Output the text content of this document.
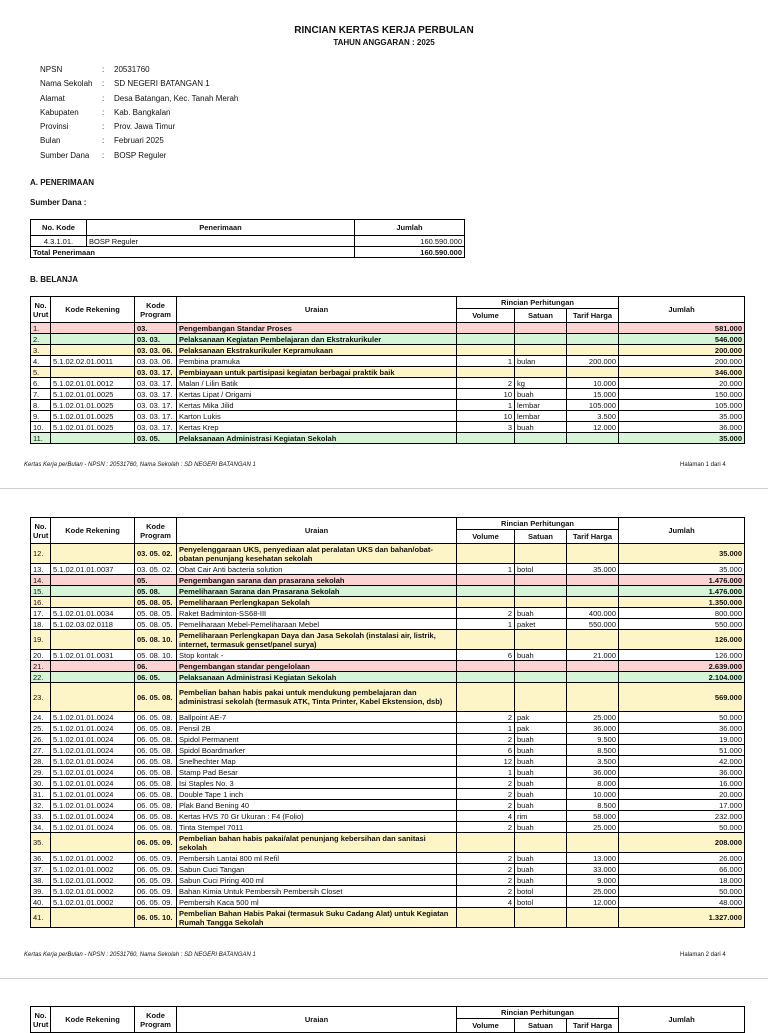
RINCIAN KERTAS KERJA PERBULAN
TAHUN ANGGARAN : 2025
NPSN	:	20531760
Nama Sekolah	:	SD NEGERI BATANGAN 1
Alamat	:	Desa Batangan, Kec. Tanah Merah
Kabupaten	:	Kab. Bangkalan
Provinsi	:	Prov. Jawa Timur
Bulan	:	Februari 2025
Sumber Dana	:	BOSP Reguler
A. PENERIMAAN
Sumber Dana :
No. Kode	Penerimaan	Jumlah
4.3.1.01.	BOSP Reguler	160.590.000
Total Penerimaan		160.590.000
B. BELANJA
No. Urut	Kode Rekening	Kode Program	Uraian	Rincian Perhitungan			Jumlah
				Volume	Satuan	Tarif Harga	
1.		03.	Pengembangan Standar Proses				581.000
2.		03. 03.	Pelaksanaan Kegiatan Pembelajaran dan Ekstrakurikuler				546.000
3.		03. 03. 06.	Pelaksanaan Ekstrakurikuler Kepramukaan				200.000
4.	5.1.02.02.01.0011	03. 03. 06.	Pembina pramuka	1	bulan	200.000	200.000
5.		03. 03. 17.	Pembiayaan untuk partisipasi kegiatan berbagai praktik baik				346.000
6.	5.1.02.01.01.0012	03. 03. 17.	Malan / Lilin Batik	2	kg	10.000	20.000
7.	5.1.02.01.01.0025	03. 03. 17.	Kertas Lipat / Origami	10	buah	15.000	150.000
8.	5.1.02.01.01.0025	03. 03. 17.	Kertas Mika Jilid	1	lembar	105.000	105.000
9.	5.1.02.01.01.0025	03. 03. 17.	Karton Lukis	10	lembar	3.500	35.000
10.	5.1.02.01.01.0025	03. 03. 17.	Kertas Krep	3	buah	12.000	36.000
11.		03. 05.	Pelaksanaan Administrasi Kegiatan Sekolah				35.000
Kertas Kerja perBulan - NPSN : 20531760, Nama Sekolah : SD NEGERI BATANGAN 1	Halaman 1 dari 4
No. Urut	Kode Rekening	Kode Program	Uraian	Rincian Perhitungan			Jumlah
				Volume	Satuan	Tarif Harga	
12.		03. 05. 02.	Penyelenggaraan UKS, penyediaan alat peralatan UKS dan bahan/obat-obatan penunjang kesehatan sekolah				35.000
13.	5.1.02.01.01.0037	03. 05. 02.	Obat Cair Anti bacteria solution	1	botol	35.000	35.000
14.		05.	Pengembangan sarana dan prasarana sekolah				1.476.000
15.		05. 08.	Pemeliharaan Sarana dan Prasarana Sekolah				1.476.000
16.		05. 08. 05.	Pemeliharaan Perlengkapan Sekolah				1.350.000
17.	5.1.02.01.01.0034	05. 08. 05.	Raket Badminton-SS68-III	2	buah	400.000	800.000
18.	5.1.02.03.02.0118	05. 08. 05.	Pemeliharaan Mebel-Pemeliharaan Mebel	1	paket	550.000	550.000
19.		05. 08. 10.	Pemeliharaan Perlengkapan Daya dan Jasa Sekolah (instalasi air, listrik, internet, termasuk genset/panel surya)				126.000
20.	5.1.02.01.01.0031	05. 08. 10.	Stop kontak -	6	buah	21.000	126.000
21.		06.	Pengembangan standar pengelolaan				2.639.000
22.		06. 05.	Pelaksanaan Administrasi Kegiatan Sekolah				2.104.000
23.		06. 05. 08.	Pembelian bahan habis pakai untuk mendukung pembelajaran dan administrasi sekolah (termasuk ATK, Tinta Printer, Kabel Ekstension, dsb)				569.000
24.	5.1.02.01.01.0024	06. 05. 08.	Ballpoint AE-7	2	pak	25.000	50.000
25.	5.1.02.01.01.0024	06. 05. 08.	Pensil 2B	1	pak	36.000	36.000
26.	5.1.02.01.01.0024	06. 05. 08.	Spidol Permanent	2	buah	9.500	19.000
27.	5.1.02.01.01.0024	06. 05. 08.	Spidol Boardmarker	6	buah	8.500	51.000
28.	5.1.02.01.01.0024	06. 05. 08.	Snelhechter Map	12	buah	3.500	42.000
29.	5.1.02.01.01.0024	06. 05. 08.	Stamp Pad Besar	1	buah	36.000	36.000
30.	5.1.02.01.01.0024	06. 05. 08.	Isi Staples No. 3	2	buah	8.000	16.000
31.	5.1.02.01.01.0024	06. 05. 08.	Double Tape 1 inch	2	buah	10.000	20.000
32.	5.1.02.01.01.0024	06. 05. 08.	Plak Band Bening 40	2	buah	8.500	17.000
33.	5.1.02.01.01.0024	06. 05. 08.	Kertas HVS 70 Gr Ukuran : F4 (Folio)	4	rim	58.000	232.000
34.	5.1.02.01.01.0024	06. 05. 08.	Tinta Stempel 7011	2	buah	25.000	50.000
35.		06. 05. 09.	Pembelian bahan habis pakai/alat penunjang kebersihan dan sanitasi sekolah				208.000
36.	5.1.02.01.01.0002	06. 05. 09.	Pembersih Lantai 800 ml Refil	2	buah	13.000	26.000
37.	5.1.02.01.01.0002	06. 05. 09.	Sabun Cuci Tangan	2	buah	33.000	66.000
38.	5.1.02.01.01.0002	06. 05. 09.	Sabun Cuci Piring 400 ml	2	buah	9.000	18.000
39.	5.1.02.01.01.0002	06. 05. 09.	Bahan Kimia Untuk Pembersih Pembersih Closet	2	botol	25.000	50.000
40.	5.1.02.01.01.0002	06. 05. 09.	Pembersih Kaca 500 ml	4	botol	12.000	48.000
41.		06. 05. 10.	Pembelian Bahan Habis Pakai (termasuk Suku Cadang Alat) untuk Kegiatan Rumah Tangga Sekolah				1.327.000
Kertas Kerja perBulan - NPSN : 20531760, Nama Sekolah : SD NEGERI BATANGAN 1	Halaman 2 dari 4
No. Urut	Kode Rekening	Kode Program	Uraian	Rincian Perhitungan			Jumlah
				Volume	Satuan	Tarif Harga	
